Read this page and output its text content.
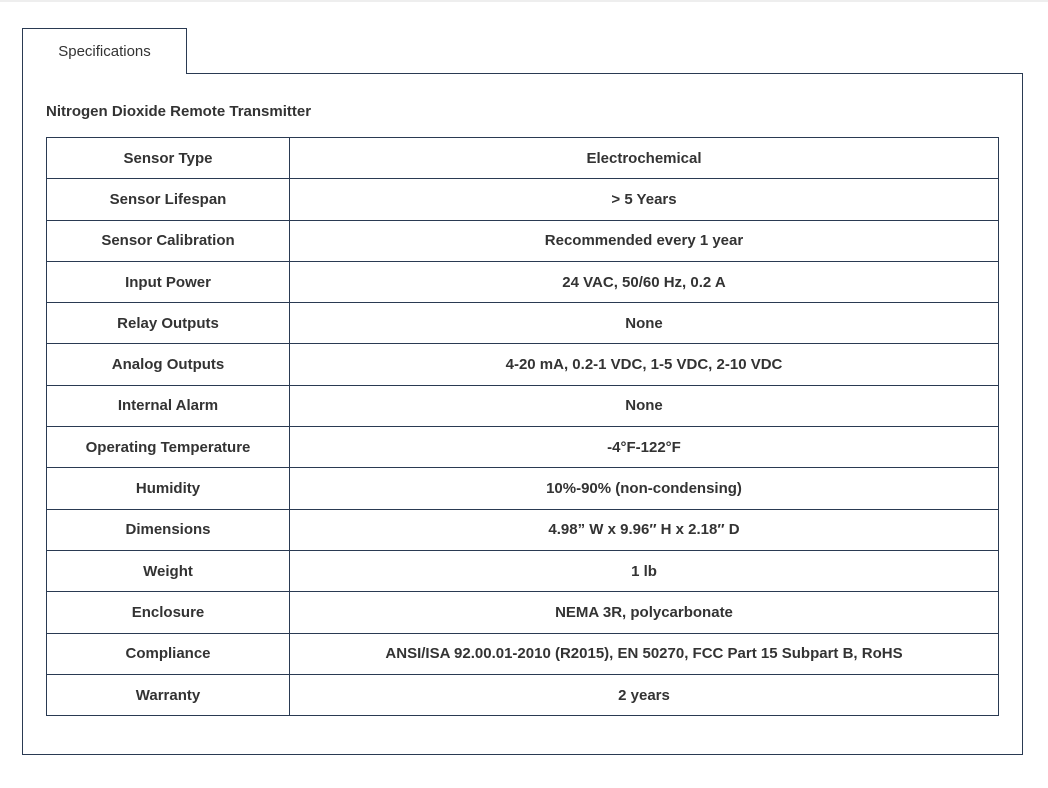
Specifications
Nitrogen Dioxide Remote Transmitter
Sensor Type	Electrochemical
Sensor Lifespan	> 5 Years
Sensor Calibration	Recommended every 1 year
Input Power	24 VAC, 50/60 Hz, 0.2 A
Relay Outputs	None
Analog Outputs	4-20 mA, 0.2-1 VDC, 1-5 VDC, 2-10 VDC
Internal Alarm	None
Operating Temperature	-4°F-122°F
Humidity	10%-90% (non-condensing)
Dimensions	4.98” W x 9.96″ H x 2.18″ D
Weight	1 lb
Enclosure	NEMA 3R, polycarbonate
Compliance	ANSI/ISA 92.00.01-2010 (R2015), EN 50270, FCC Part 15 Subpart B, RoHS
Warranty	2 years
